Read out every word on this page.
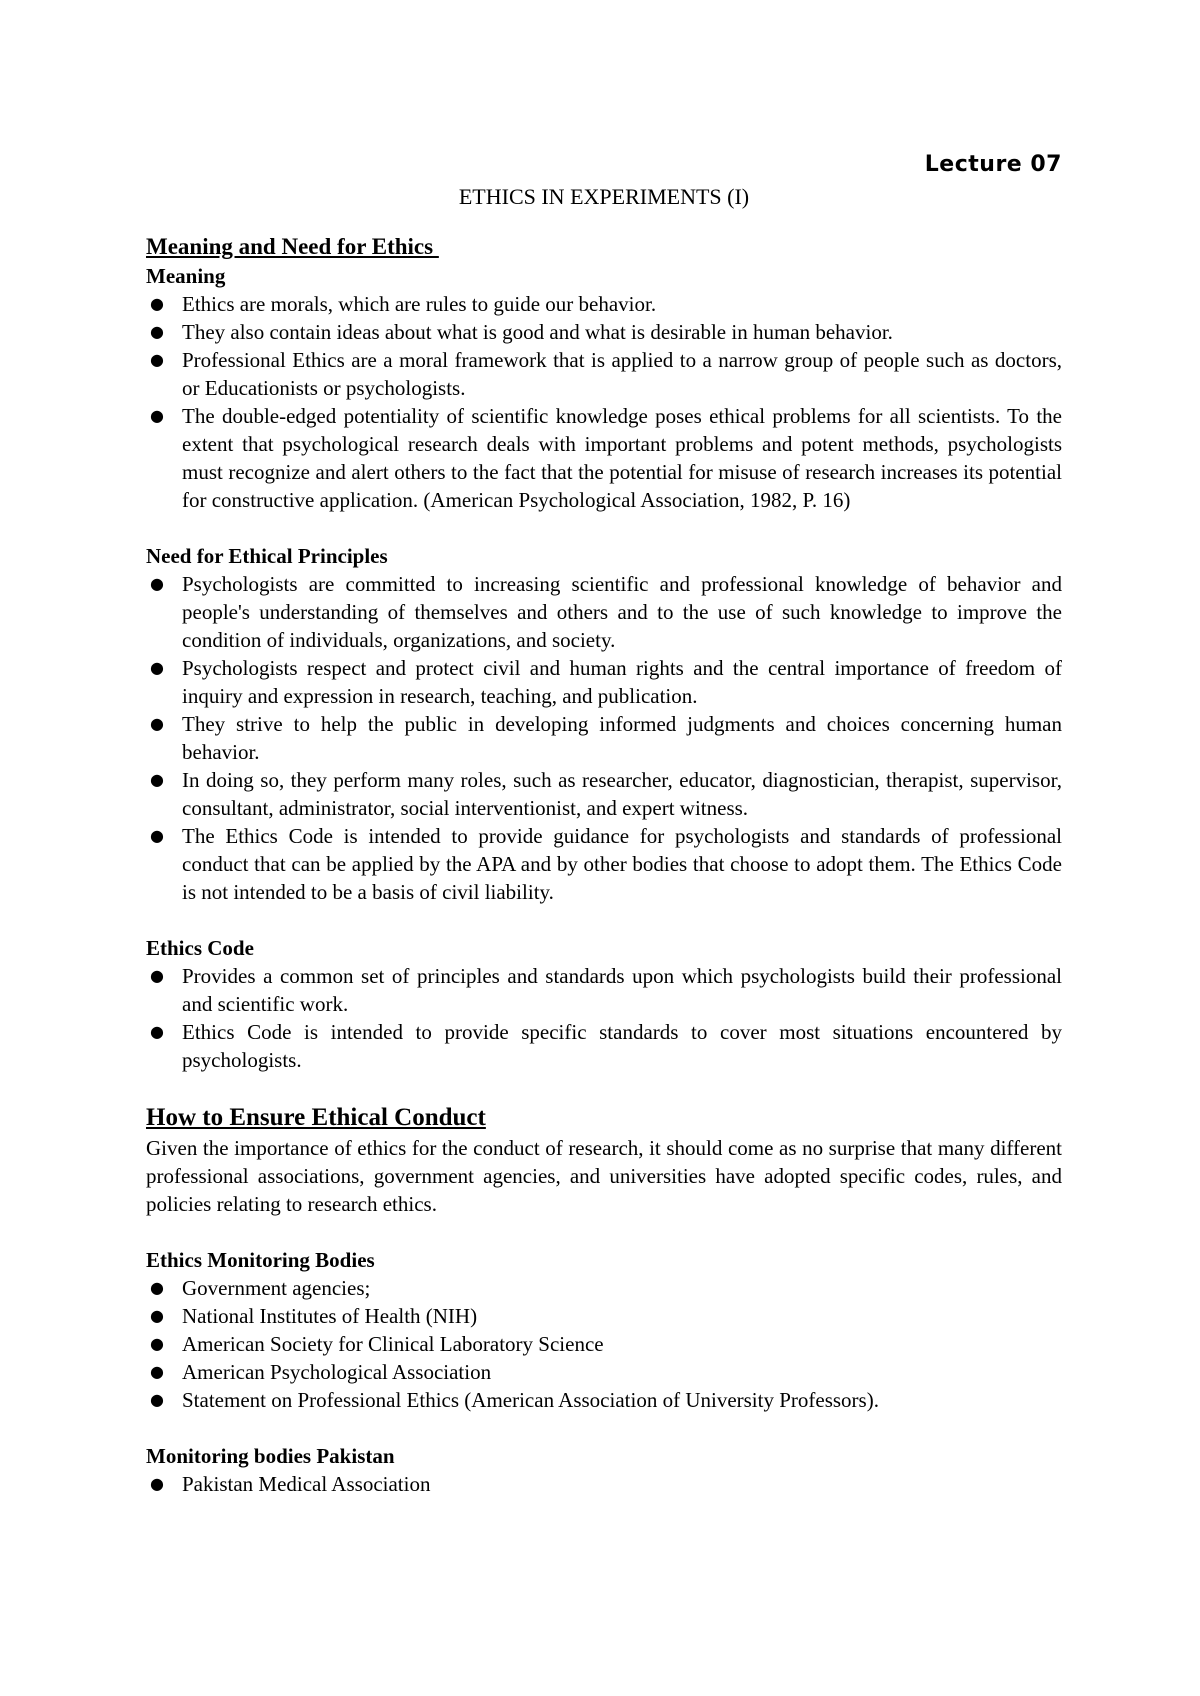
Lecture 07
ETHICS IN EXPERIMENTS (I)
Meaning and Need for Ethics
Meaning
● Ethics are morals, which are rules to guide our behavior.
● They also contain ideas about what is good and what is desirable in human behavior.
● Professional Ethics are a moral framework that is applied to a narrow group of people such as doctors, or Educationists or psychologists.
● The double-edged potentiality of scientific knowledge poses ethical problems for all scientists. To the extent that psychological research deals with important problems and potent methods, psychologists must recognize and alert others to the fact that the potential for misuse of research increases its potential for constructive application. (American Psychological Association, 1982, P. 16)
Need for Ethical Principles
● Psychologists are committed to increasing scientific and professional knowledge of behavior and people's understanding of themselves and others and to the use of such knowledge to improve the condition of individuals, organizations, and society.
● Psychologists respect and protect civil and human rights and the central importance of freedom of inquiry and expression in research, teaching, and publication.
● They strive to help the public in developing informed judgments and choices concerning human behavior.
● In doing so, they perform many roles, such as researcher, educator, diagnostician, therapist, supervisor, consultant, administrator, social interventionist, and expert witness.
● The Ethics Code is intended to provide guidance for psychologists and standards of professional conduct that can be applied by the APA and by other bodies that choose to adopt them. The Ethics Code is not intended to be a basis of civil liability.
Ethics Code
● Provides a common set of principles and standards upon which psychologists build their professional and scientific work.
● Ethics Code is intended to provide specific standards to cover most situations encountered by psychologists.
How to Ensure Ethical Conduct

Given the importance of ethics for the conduct of research, it should come as no surprise that many different professional associations, government agencies, and universities have adopted specific codes, rules, and policies relating to research ethics.

Ethics Monitoring Bodies
● Government agencies;
● National Institutes of Health (NIH)
● American Society for Clinical Laboratory Science
● American Psychological Association
● Statement on Professional Ethics (American Association of University Professors).
Monitoring bodies Pakistan
● Pakistan Medical Association
